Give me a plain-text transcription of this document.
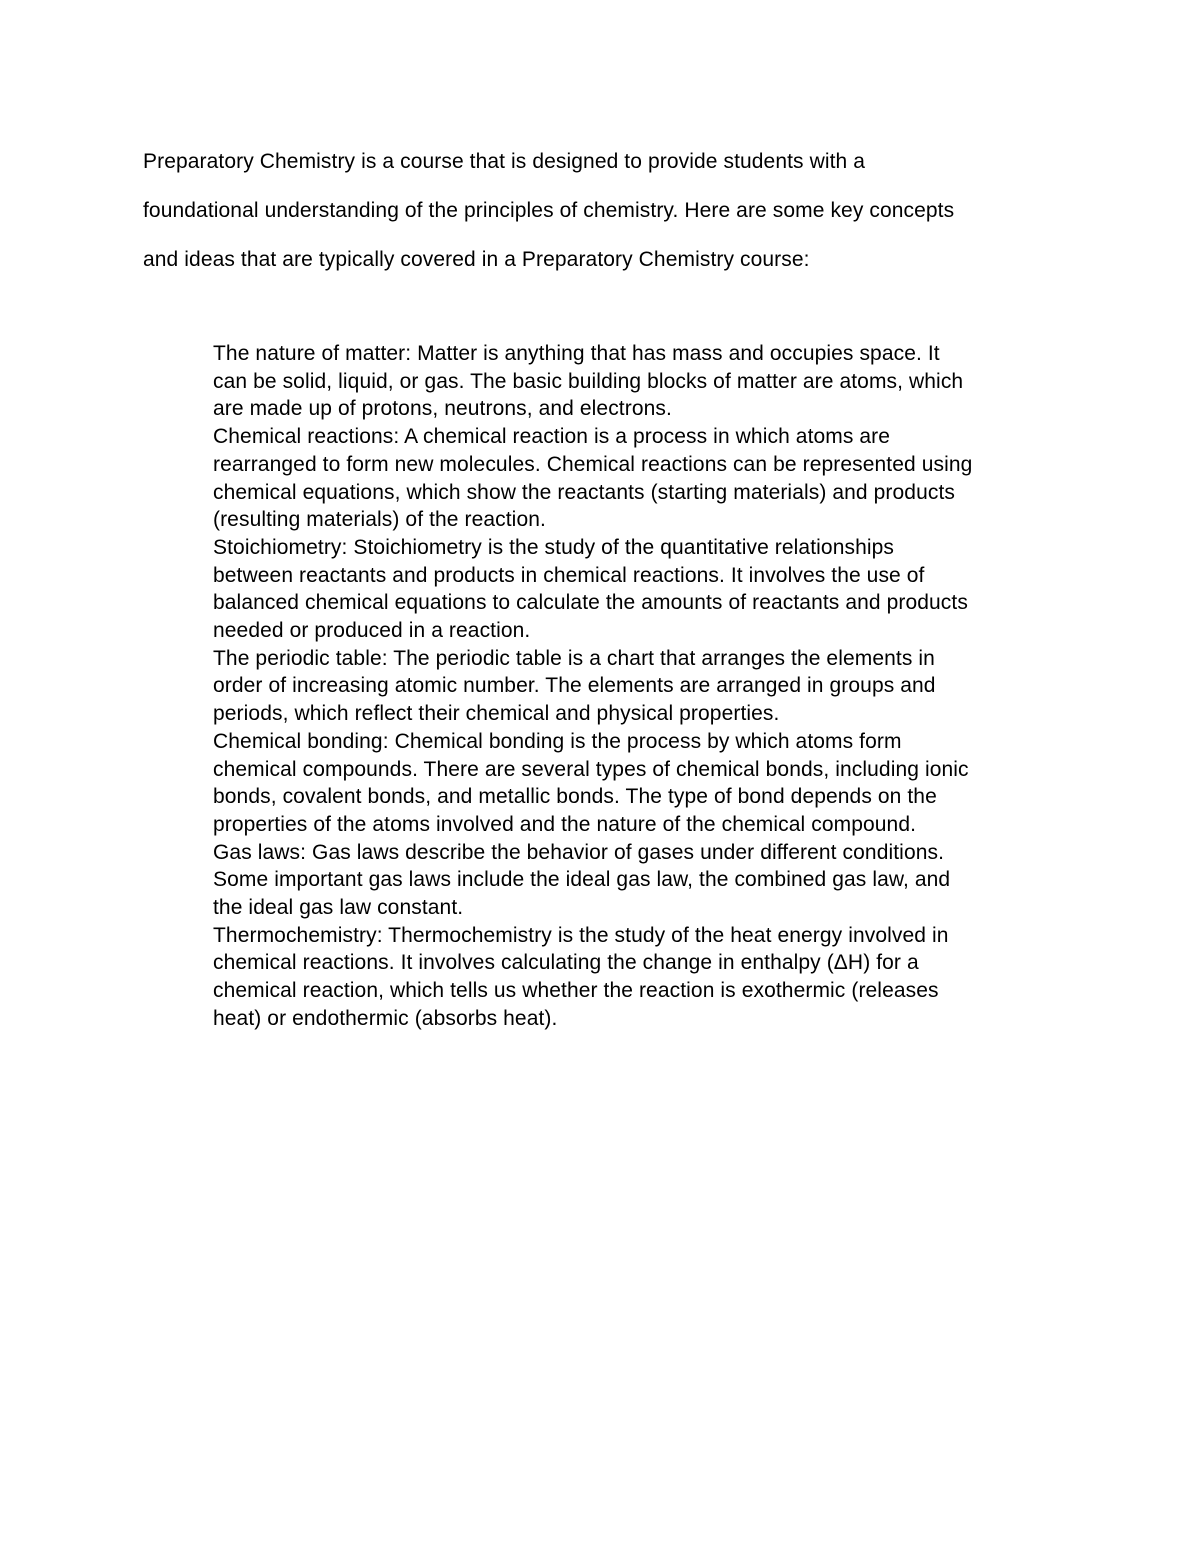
Preparatory Chemistry is a course that is designed to provide students with a
foundational understanding of the principles of chemistry. Here are some key concepts
and ideas that are typically covered in a Preparatory Chemistry course:

The nature of matter: Matter is anything that has mass and occupies space. It
can be solid, liquid, or gas. The basic building blocks of matter are atoms, which
are made up of protons, neutrons, and electrons.
Chemical reactions: A chemical reaction is a process in which atoms are
rearranged to form new molecules. Chemical reactions can be represented using
chemical equations, which show the reactants (starting materials) and products
(resulting materials) of the reaction.
Stoichiometry: Stoichiometry is the study of the quantitative relationships
between reactants and products in chemical reactions. It involves the use of
balanced chemical equations to calculate the amounts of reactants and products
needed or produced in a reaction.
The periodic table: The periodic table is a chart that arranges the elements in
order of increasing atomic number. The elements are arranged in groups and
periods, which reflect their chemical and physical properties.
Chemical bonding: Chemical bonding is the process by which atoms form
chemical compounds. There are several types of chemical bonds, including ionic
bonds, covalent bonds, and metallic bonds. The type of bond depends on the
properties of the atoms involved and the nature of the chemical compound.
Gas laws: Gas laws describe the behavior of gases under different conditions.
Some important gas laws include the ideal gas law, the combined gas law, and
the ideal gas law constant.
Thermochemistry: Thermochemistry is the study of the heat energy involved in
chemical reactions. It involves calculating the change in enthalpy (ΔH) for a
chemical reaction, which tells us whether the reaction is exothermic (releases
heat) or endothermic (absorbs heat).
